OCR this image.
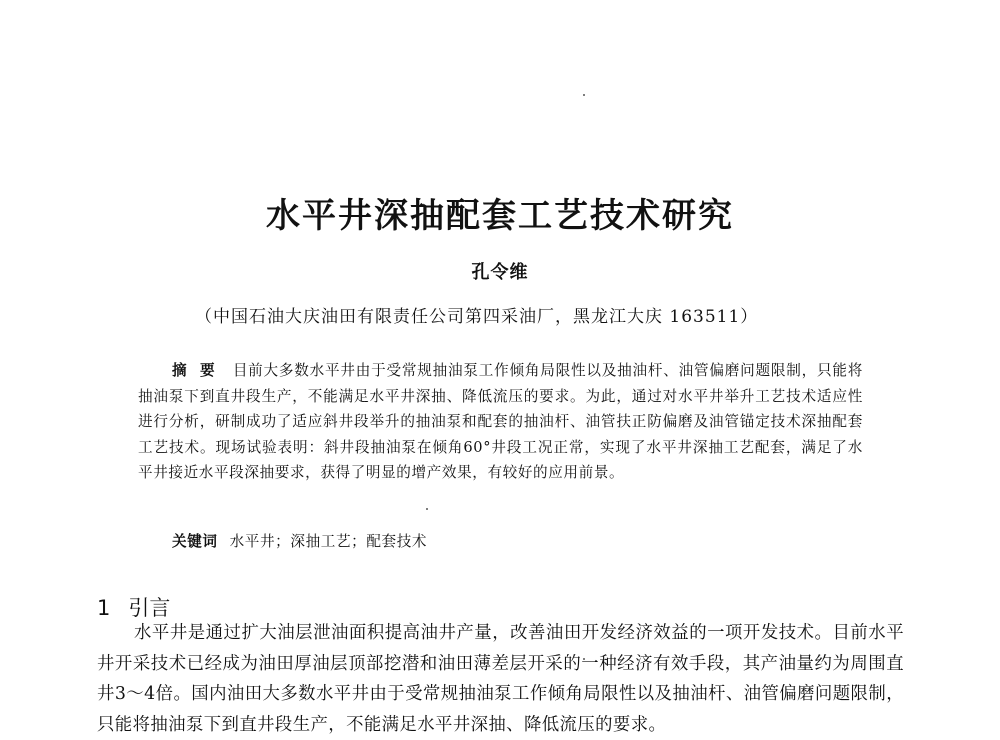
水平井深抽配套工艺技术研究
孔令维
（中国石油大庆油田有限责任公司第四采油厂，黑龙江大庆 163511）
摘 要 目前大多数水平井由于受常规抽油泵工作倾角局限性以及抽油杆、油管偏磨问题限制，只能将抽油泵下到直井段生产，不能满足水平井深抽、降低流压的要求。为此，通过对水平井举升工艺技术适应性进行分析，研制成功了适应斜井段举升的抽油泵和配套的抽油杆、油管扶正防偏磨及油管锚定技术深抽配套工艺技术。现场试验表明：斜井段抽油泵在倾角60°井段工况正常，实现了水平井深抽工艺配套，满足了水平井接近水平段深抽要求，获得了明显的增产效果，有较好的应用前景。
关键词 水平井；深抽工艺；配套技术
1 引言
水平井是通过扩大油层泄油面积提高油井产量，改善油田开发经济效益的一项开发技术。目前水平井开采技术已经成为油田厚油层顶部挖潜和油田薄差层开采的一种经济有效手段，其产油量约为周围直井3～4倍。国内油田大多数水平井由于受常规抽油泵工作倾角局限性以及抽油杆、油管偏磨问题限制，只能将抽油泵下到直井段生产，不能满足水平井深抽、降低流压的要求。
